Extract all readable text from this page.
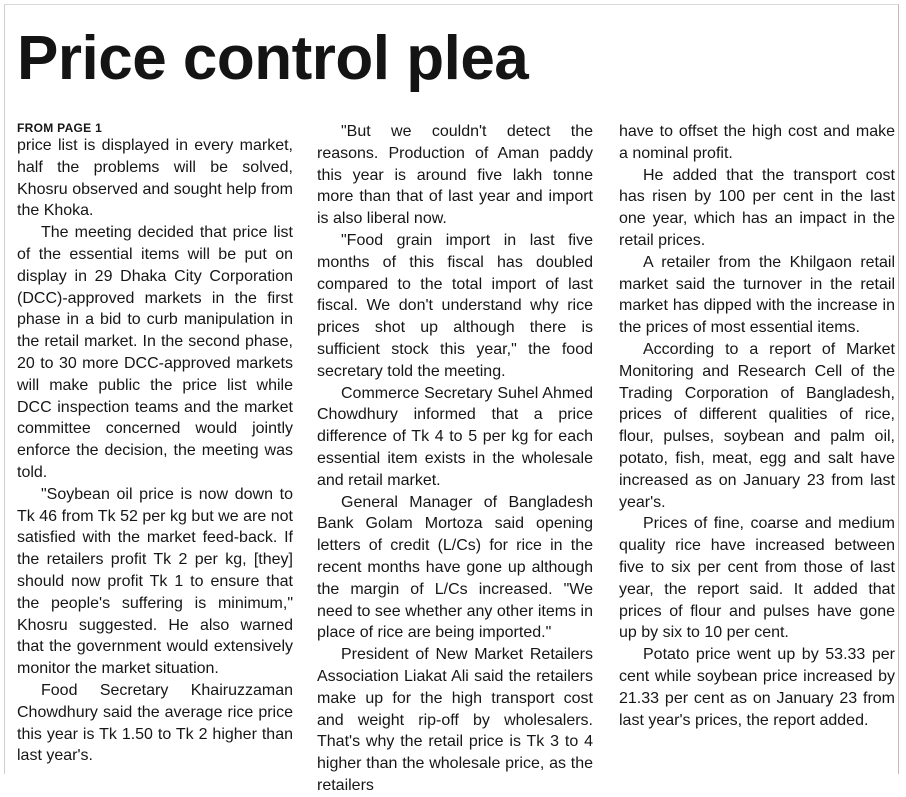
Price control plea
FROM PAGE 1

price list is displayed in every market, half the problems will be solved, Khosru observed and sought help from the Khoka.

The meeting decided that price list of the essential items will be put on display in 29 Dhaka City Corporation (DCC)-approved markets in the first phase in a bid to curb manipulation in the retail market. In the second phase, 20 to 30 more DCC-approved markets will make public the price list while DCC inspection teams and the market committee concerned would jointly enforce the decision, the meeting was told.

"Soybean oil price is now down to Tk 46 from Tk 52 per kg but we are not satisfied with the market feed-back. If the retailers profit Tk 2 per kg, [they] should now profit Tk 1 to ensure that the people's suffering is minimum," Khosru suggested. He also warned that the government would extensively monitor the market situation.

Food Secretary Khairuzzaman Chowdhury said the average rice price this year is Tk 1.50 to Tk 2 higher than last year's.

"But we couldn't detect the reasons. Production of Aman paddy this year is around five lakh tonne more than that of last year and import is also liberal now.

"Food grain import in last five months of this fiscal has doubled compared to the total import of last fiscal. We don't understand why rice prices shot up although there is sufficient stock this year," the food secretary told the meeting.

Commerce Secretary Suhel Ahmed Chowdhury informed that a price difference of Tk 4 to 5 per kg for each essential item exists in the wholesale and retail market.

General Manager of Bangladesh Bank Golam Mortoza said opening letters of credit (L/Cs) for rice in the recent months have gone up although the margin of L/Cs increased. "We need to see whether any other items in place of rice are being imported."

President of New Market Retailers Association Liakat Ali said the retailers make up for the high transport cost and weight rip-off by wholesalers. That's why the retail price is Tk 3 to 4 higher than the wholesale price, as the retailers

have to offset the high cost and make a nominal profit.

He added that the transport cost has risen by 100 per cent in the last one year, which has an impact in the retail prices.

A retailer from the Khilgaon retail market said the turnover in the retail market has dipped with the increase in the prices of most essential items.

According to a report of Market Monitoring and Research Cell of the Trading Corporation of Bangladesh, prices of different qualities of rice, flour, pulses, soybean and palm oil, potato, fish, meat, egg and salt have increased as on January 23 from last year's.

Prices of fine, coarse and medium quality rice have increased between five to six per cent from those of last year, the report said. It added that prices of flour and pulses have gone up by six to 10 per cent.

Potato price went up by 53.33 per cent while soybean price increased by 21.33 per cent as on January 23 from last year's prices, the report added.
